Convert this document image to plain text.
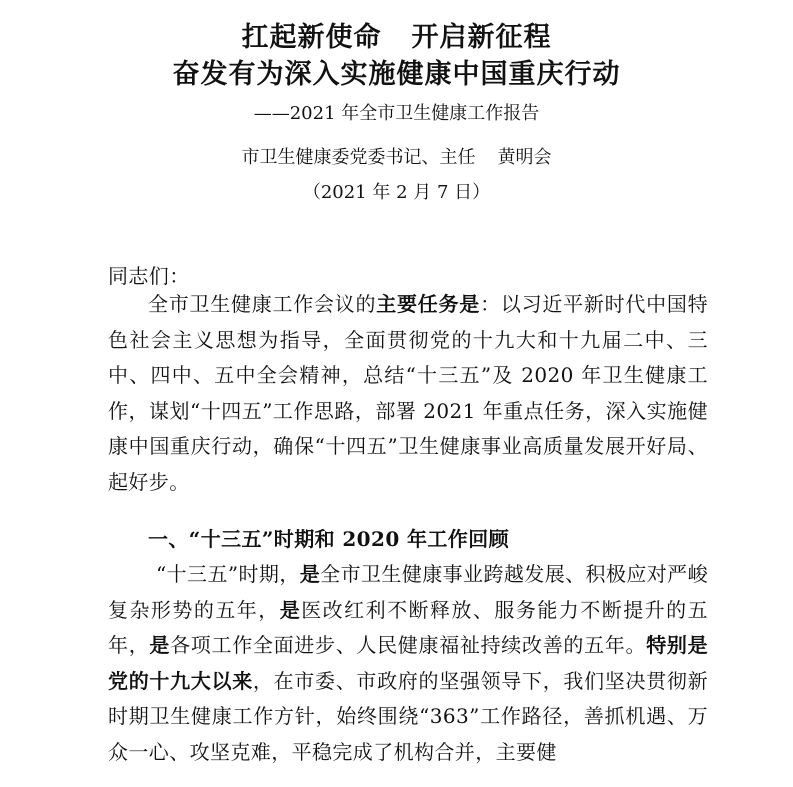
扛起新使命 开启新征程
奋发有为深入实施健康中国重庆行动
——2021 年全市卫生健康工作报告
市卫生健康委党委书记、主任 黄明会
（2021 年 2 月 7 日）

同志们：

全市卫生健康工作会议的主要任务是：以习近平新时代中国特色社会主义思想为指导，全面贯彻党的十九大和十九届二中、三中、四中、五中全会精神，总结“十三五”及 2020 年卫生健康工作，谋划“十四五”工作思路，部署 2021 年重点任务，深入实施健康中国重庆行动，确保“十四五”卫生健康事业高质量发展开好局、起好步。

一、“十三五”时期和 2020 年工作回顾

“十三五”时期，是全市卫生健康事业跨越发展、积极应对严峻复杂形势的五年，是医改红利不断释放、服务能力不断提升的五年，是各项工作全面进步、人民健康福祉持续改善的五年。特别是党的十九大以来，在市委、市政府的坚强领导下，我们坚决贯彻新时期卫生健康工作方针，始终围绕“363”工作路径，善抓机遇、万众一心、攻坚克难，平稳完成了机构合并，主要健
